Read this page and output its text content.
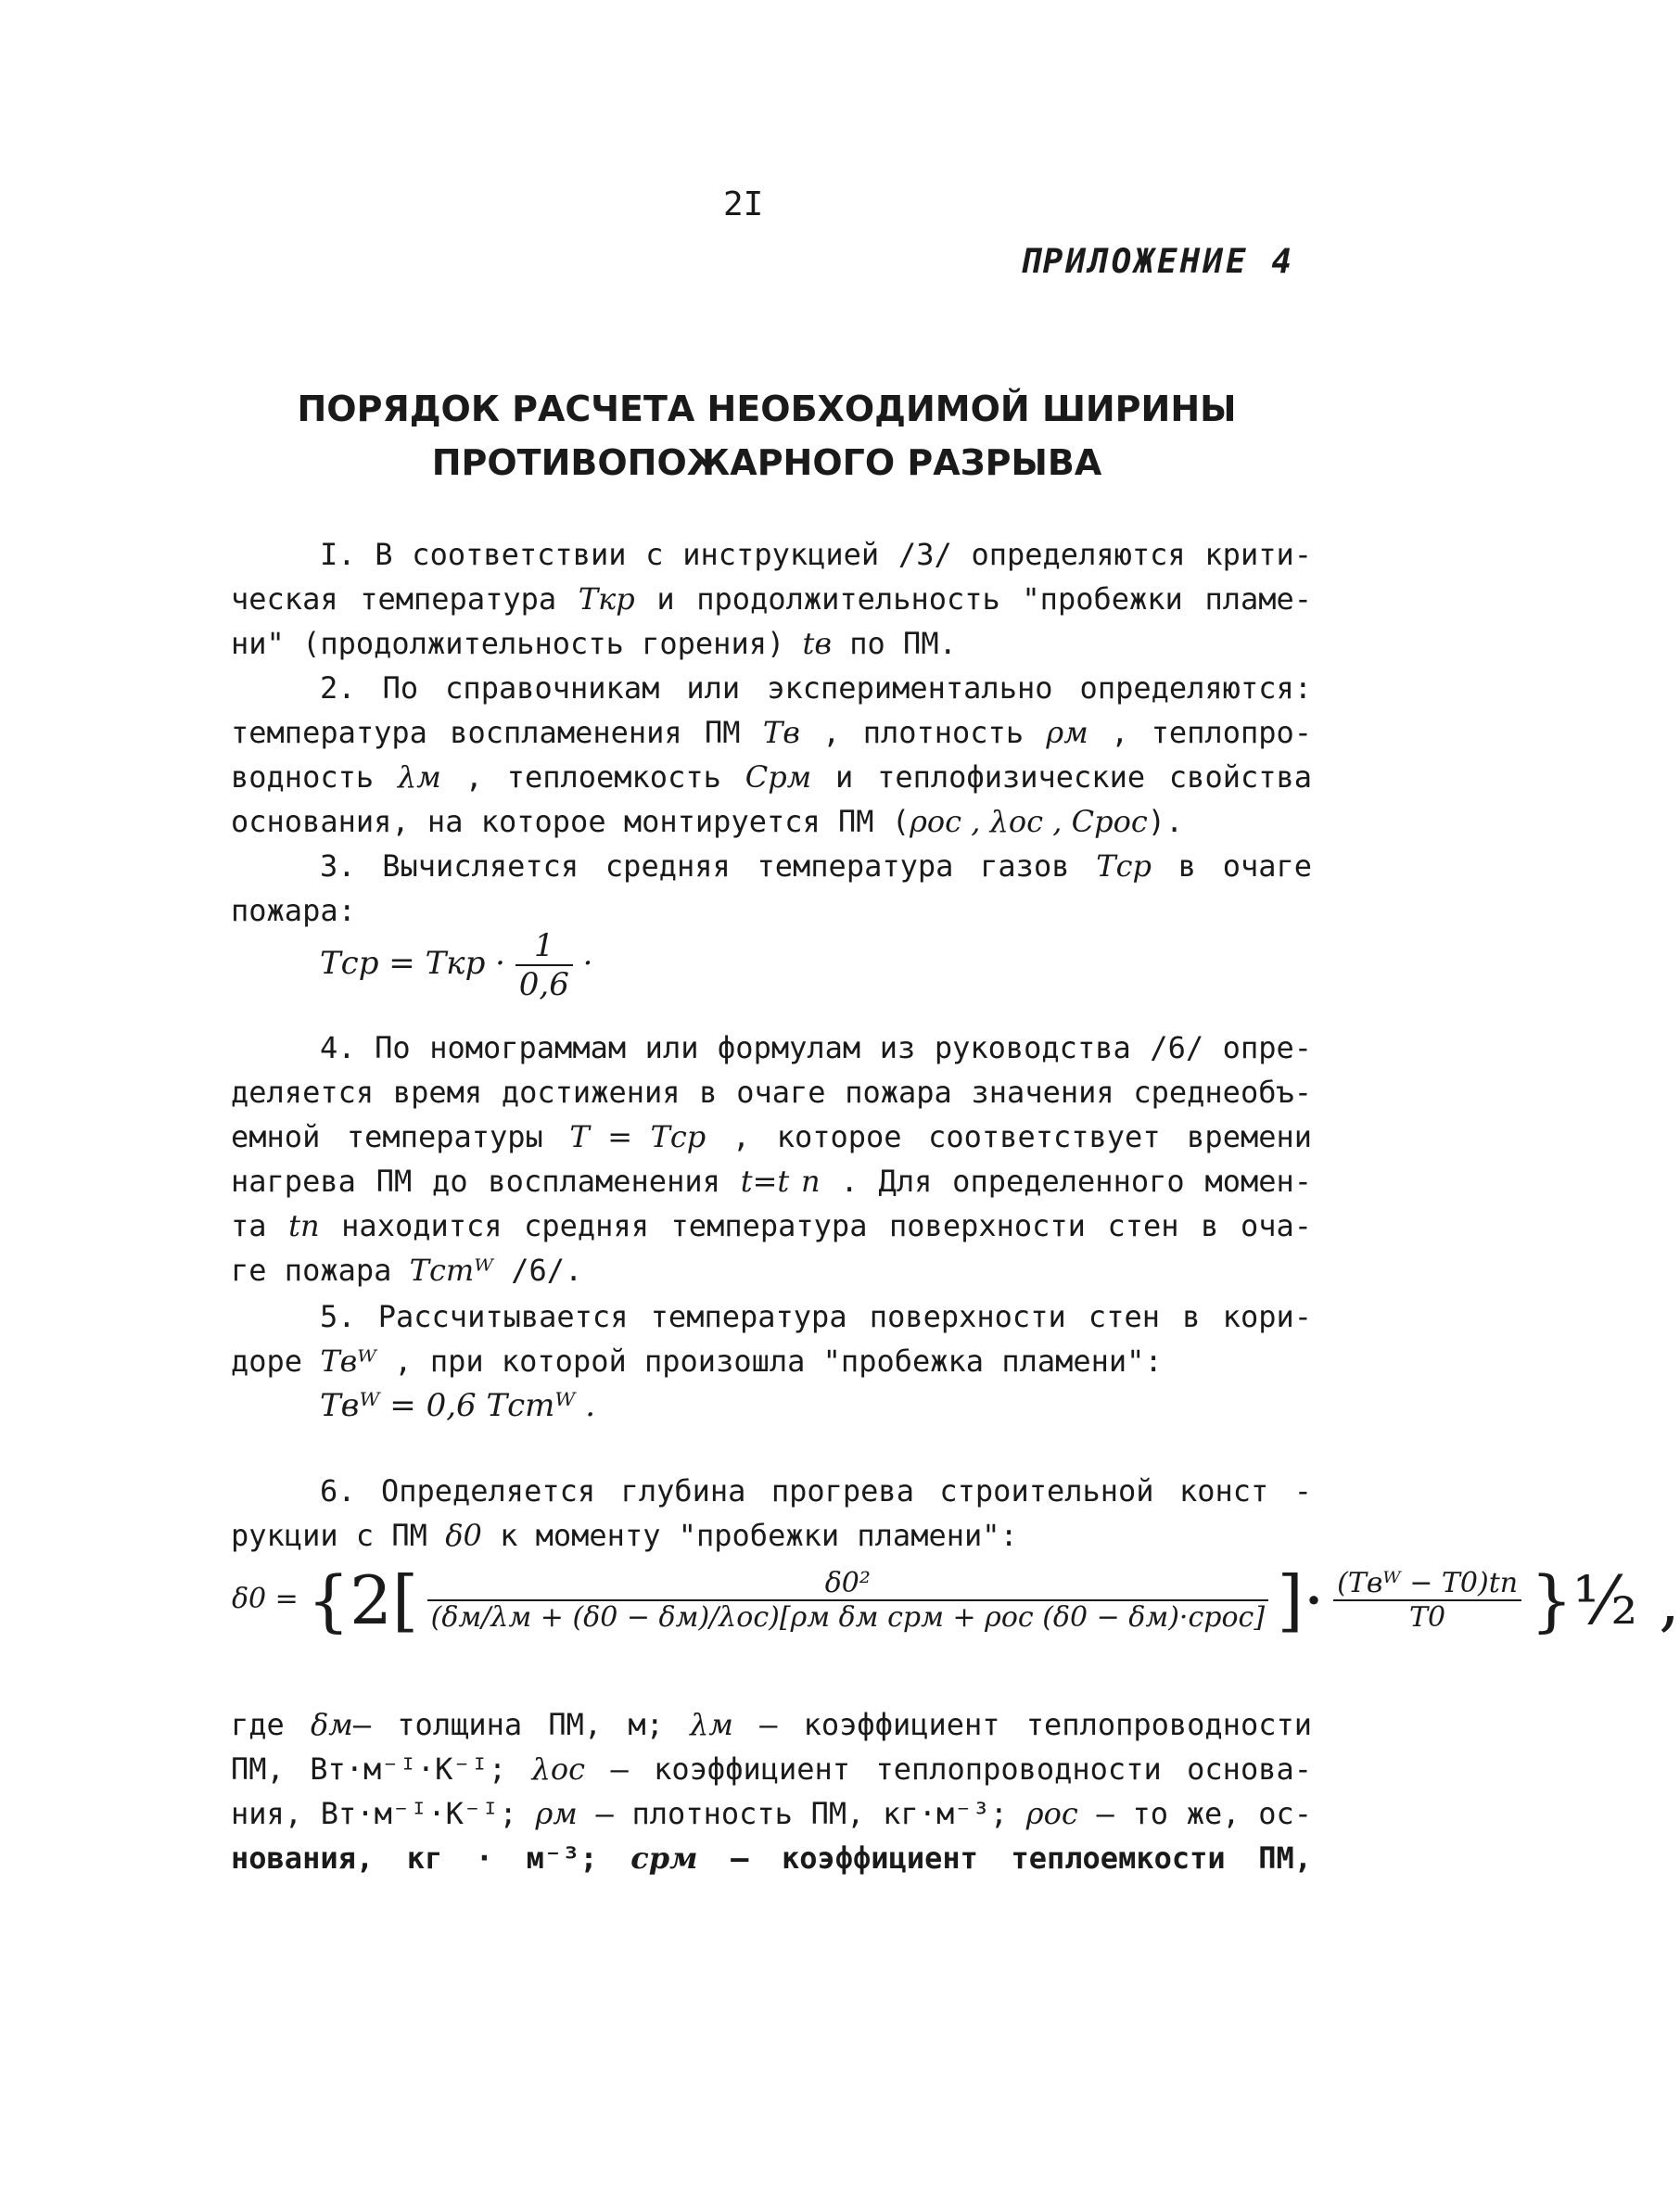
2I
ПРИЛОЖЕНИЕ 4
ПОРЯДОК РАСЧЕТА НЕОБХОДИМОЙ ШИРИНЫ
ПРОТИВОПОЖАРНОГО РАЗРЫВА
I. В соответствии с инструкцией /3/ определяются крити-
ческая температура Tкр и продолжительность "пробежки пламе-
ни" (продолжительность горения) tв по ПМ.
2. По справочникам или экспериментально определяются:
температура воспламенения ПМ Tв , плотность ρм , теплопро-
водность λм , теплоемкость Cрм и теплофизические свойства
основания, на которое монтируется ПМ (ρос , λос , Cрос).
3. Вычисляется средняя температура газов Tср в очаге
пожара:
Tср = Tкр · $\frac{1}{0,6}$ ·
4. По номограммам или формулам из руководства /6/ опре-
деляется время достижения в очаге пожара значения среднеобъ-
емной температуры T = Tср , которое соответствует времени
нагрева ПМ до воспламенения t=t п . Для определенного момен-
та tп находится средняя температура поверхности стен в оча-
ге пожара Tстᵂ /6/.
5. Рассчитывается температура поверхности стен в кори-
доре Tвᵂ , при которой произошла "пробежка пламени":
Tвᵂ = 0,6 Tстᵂ .
6. Определяется глубина прогрева строительной конст -
рукции с ПМ δ0 к моменту "пробежки пламени":
$\delta 0 = \{2[ \frac{\text{δ0²}}{\text{(δм/λм + (δ0 − δм)/λос)[ρм δм cрм + ρос (δ0 − δм)·cрос]}}$ ]· $\frac{\text{(Tвᵂ − T0)tп}}{T0}$ }½ ,
где δм– толщина ПМ, м; λм – коэффициент теплопроводности
ПМ, Вт·м⁻ᴵ·К⁻ᴵ; λос – коэффициент теплопроводности основа-
ния, Вт·м⁻ᴵ·К⁻ᴵ; ρм – плотность ПМ, кг·м⁻³; ρос – то же, ос-
нования, кг · м⁻³; cрм – коэффициент теплоемкости ПМ,
